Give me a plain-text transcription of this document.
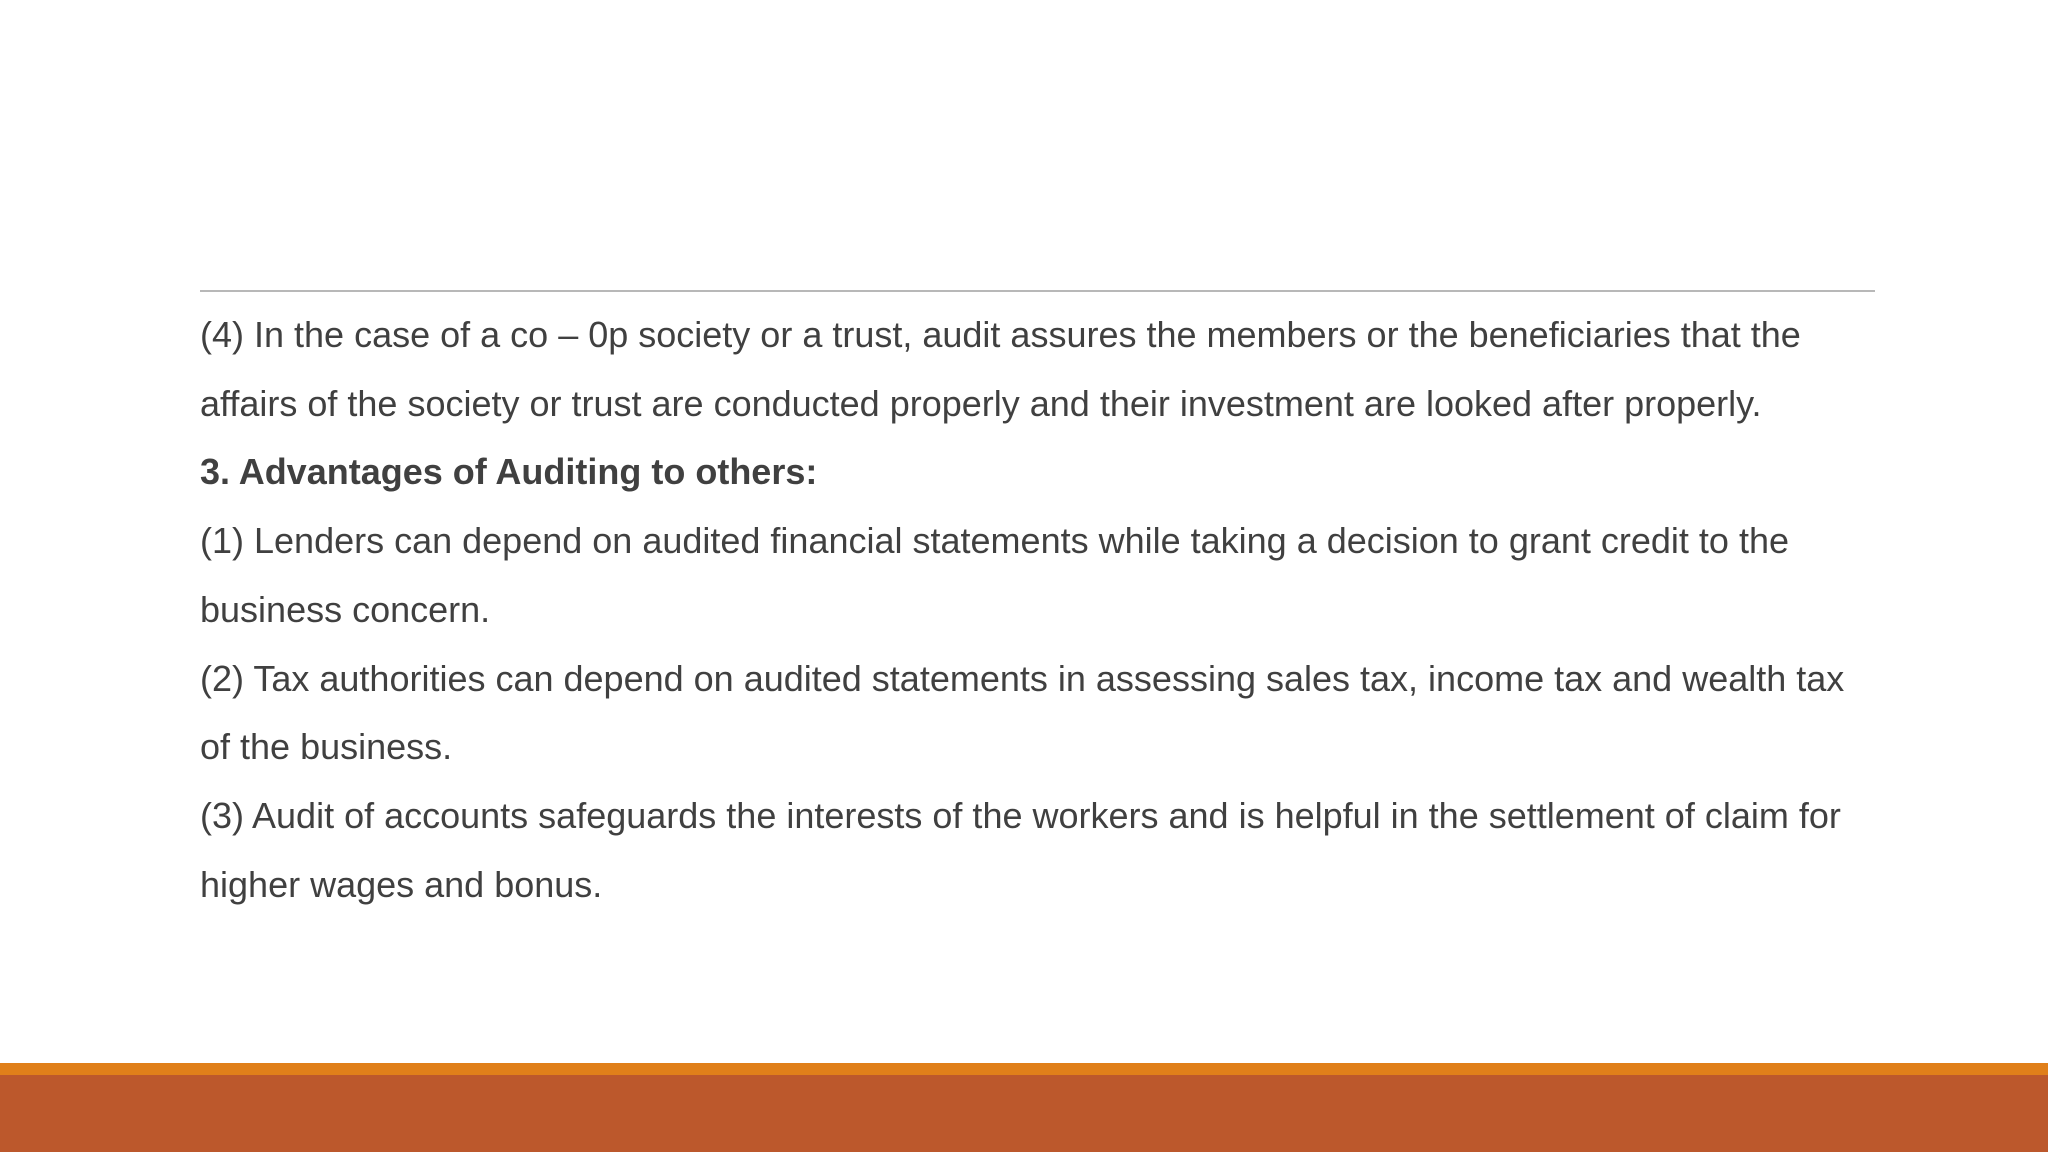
(4) In the case of a co – 0p society or a trust, audit assures the members or the beneficiaries that the affairs of the society or trust are conducted properly and their investment are looked after properly.

3. Advantages of Auditing to others:

(1) Lenders can depend on audited financial statements while taking a decision to grant credit to the business concern.

(2) Tax authorities can depend on audited statements in assessing sales tax, income tax and wealth tax of the business.

(3) Audit of accounts safeguards the interests of the workers and is helpful in the settlement of claim for higher wages and bonus.
